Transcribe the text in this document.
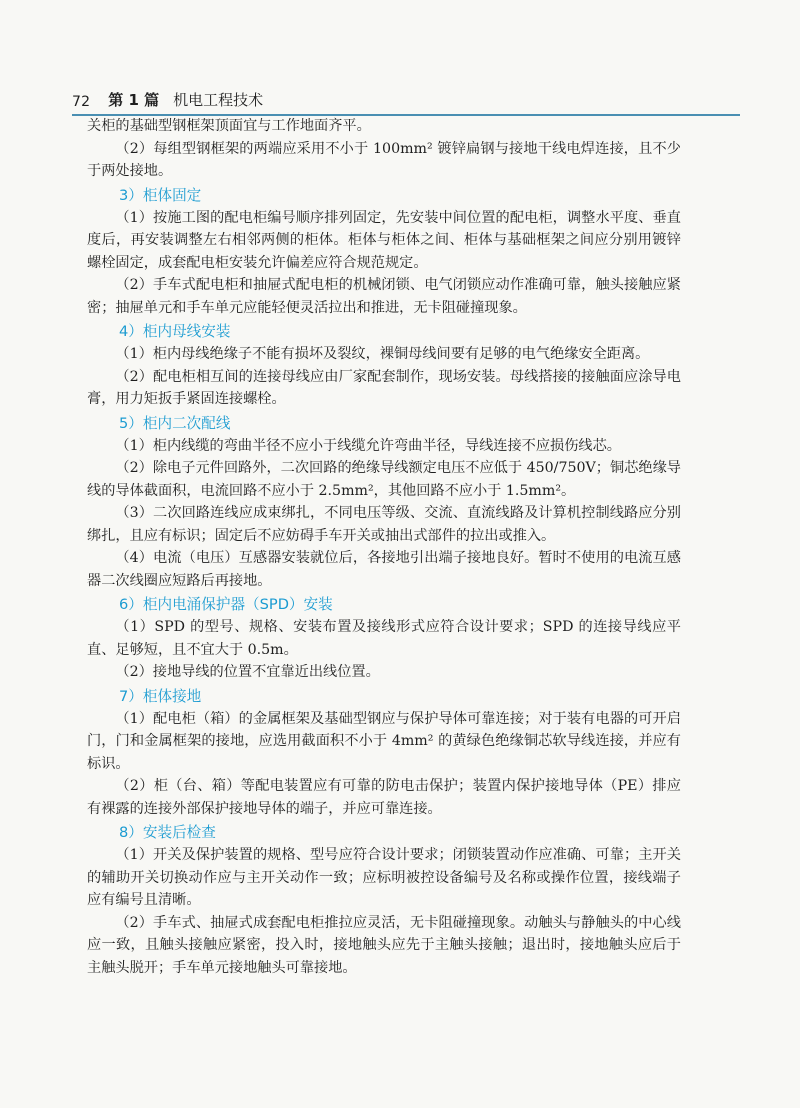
72 第 1 篇 机电工程技术

关柜的基础型钢框架顶面宜与工作地面齐平。

（2）每组型钢框架的两端应采用不小于 100mm² 镀锌扁钢与接地干线电焊连接，且不少于两处接地。

3）柜体固定

（1）按施工图的配电柜编号顺序排列固定，先安装中间位置的配电柜，调整水平度、垂直度后，再安装调整左右相邻两侧的柜体。柜体与柜体之间、柜体与基础框架之间应分别用镀锌螺栓固定，成套配电柜安装允许偏差应符合规范规定。

（2）手车式配电柜和抽屉式配电柜的机械闭锁、电气闭锁应动作准确可靠，触头接触应紧密；抽屉单元和手车单元应能轻便灵活拉出和推进，无卡阻碰撞现象。

4）柜内母线安装

（1）柜内母线绝缘子不能有损坏及裂纹，裸铜母线间要有足够的电气绝缘安全距离。

（2）配电柜相互间的连接母线应由厂家配套制作，现场安装。母线搭接的接触面应涂导电膏，用力矩扳手紧固连接螺栓。

5）柜内二次配线

（1）柜内线缆的弯曲半径不应小于线缆允许弯曲半径，导线连接不应损伤线芯。

（2）除电子元件回路外，二次回路的绝缘导线额定电压不应低于 450/750V；铜芯绝缘导线的导体截面积，电流回路不应小于 2.5mm²，其他回路不应小于 1.5mm²。

（3）二次回路连线应成束绑扎，不同电压等级、交流、直流线路及计算机控制线路应分别绑扎，且应有标识；固定后不应妨碍手车开关或抽出式部件的拉出或推入。

（4）电流（电压）互感器安装就位后，各接地引出端子接地良好。暂时不使用的电流互感器二次线圈应短路后再接地。

6）柜内电涌保护器（SPD）安装

（1）SPD 的型号、规格、安装布置及接线形式应符合设计要求；SPD 的连接导线应平直、足够短，且不宜大于 0.5m。

（2）接地导线的位置不宜靠近出线位置。

7）柜体接地

（1）配电柜（箱）的金属框架及基础型钢应与保护导体可靠连接；对于装有电器的可开启门，门和金属框架的接地，应选用截面积不小于 4mm² 的黄绿色绝缘铜芯软导线连接，并应有标识。

（2）柜（台、箱）等配电装置应有可靠的防电击保护；装置内保护接地导体（PE）排应有裸露的连接外部保护接地导体的端子，并应可靠连接。

8）安装后检查

（1）开关及保护装置的规格、型号应符合设计要求；闭锁装置动作应准确、可靠；主开关的辅助开关切换动作应与主开关动作一致；应标明被控设备编号及名称或操作位置，接线端子应有编号且清晰。

（2）手车式、抽屉式成套配电柜推拉应灵活，无卡阻碰撞现象。动触头与静触头的中心线应一致，且触头接触应紧密，投入时，接地触头应先于主触头接触；退出时，接地触头应后于主触头脱开；手车单元接地触头可靠接地。
